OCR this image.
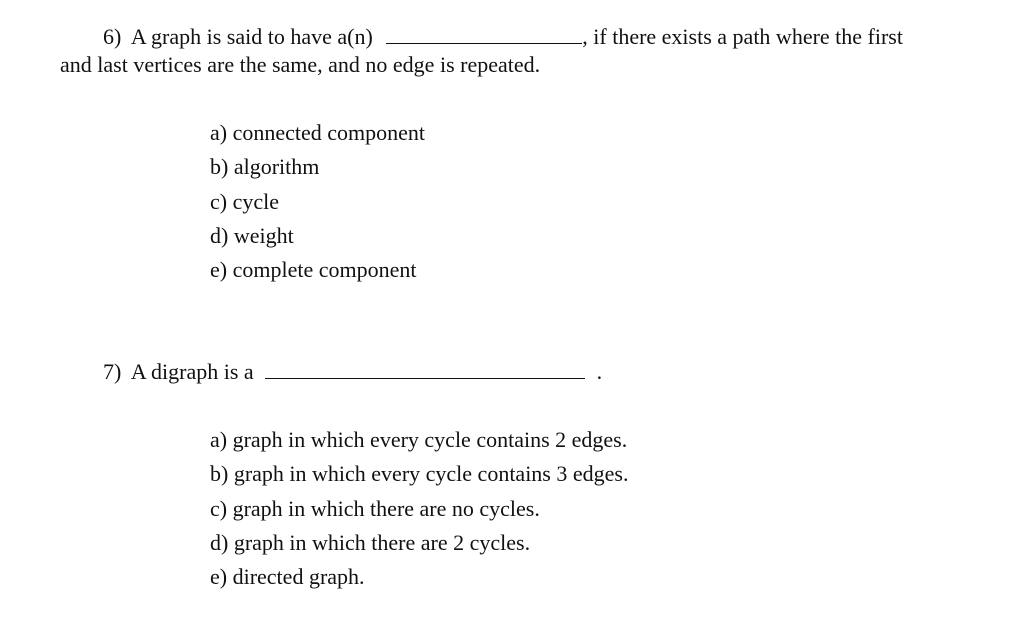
6) A graph is said to have a(n)	, if there exists a path where the first
and last vertices are the same, and no edge is repeated.
a) connected component
b) algorithm
c) cycle
d) weight
e) complete component
7) A digraph is a	.
a) graph in which every cycle contains 2 edges.
b) graph in which every cycle contains 3 edges.
c) graph in which there are no cycles.
d) graph in which there are 2 cycles.
e) directed graph.
